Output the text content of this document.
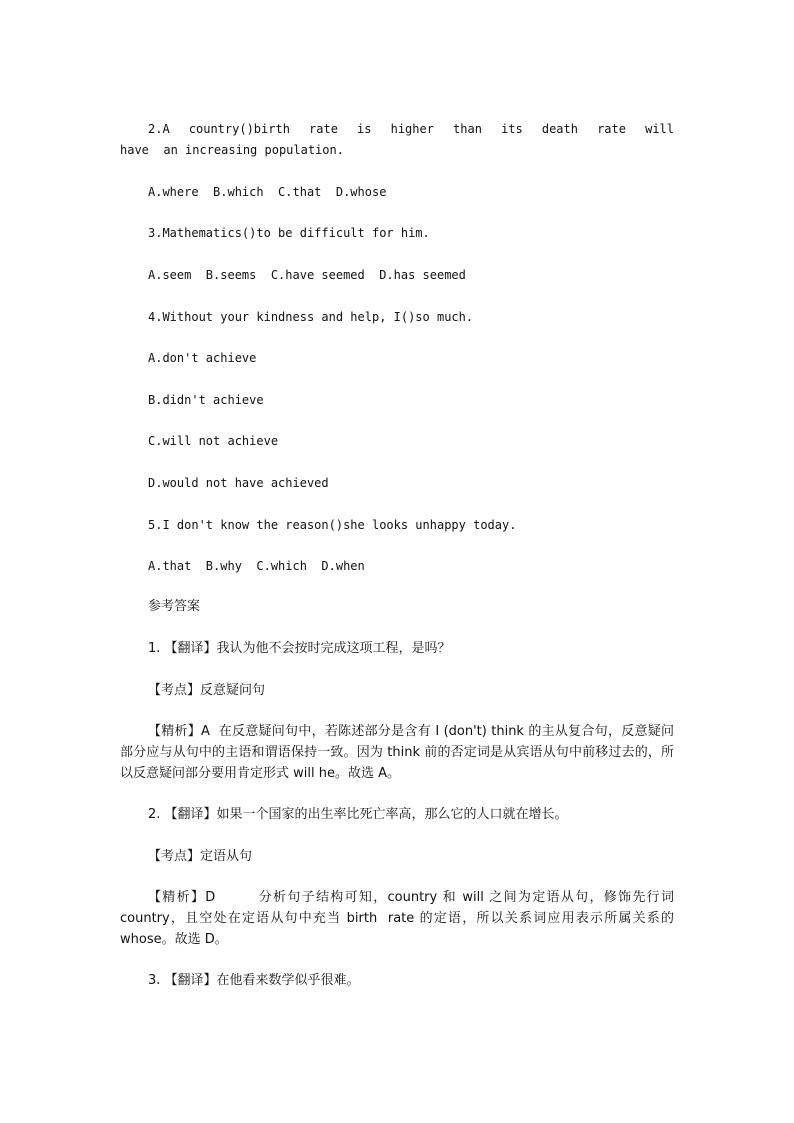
2.A  country()birth  rate  is  higher  than  its  death  rate  will  have  an increasing population.

A.where  B.which  C.that  D.whose

3.Mathematics()to be difficult for him.

A.seem  B.seems  C.have seemed  D.has seemed

4.Without your kindness and help, I()so much.

A.don't achieve

B.didn't achieve

C.will not achieve

D.would not have achieved

5.I don't know the reason()she looks unhappy today.

A.that  B.why  C.which  D.when

参考答案

1. 【翻译】我认为他不会按时完成这项工程，是吗？

【考点】反意疑问句

【精析】A  在反意疑问句中，若陈述部分是含有 I (don't) think 的主从复合句，反意疑问部分应与从句中的主语和谓语保持一致。因为 think 前的否定词是从宾语从句中前移过去的，所以反意疑问部分要用肯定形式 will he。故选 A。

2. 【翻译】如果一个国家的出生率比死亡率高，那么它的人口就在增长。

【考点】定语从句

【精析】D        分析句子结构可知，country 和 will 之间为定语从句，修饰先行词 country，且空处在定语从句中充当 birth  rate 的定语，所以关系词应用表示所属关系的 whose。故选 D。

3. 【翻译】在他看来数学似乎很难。
